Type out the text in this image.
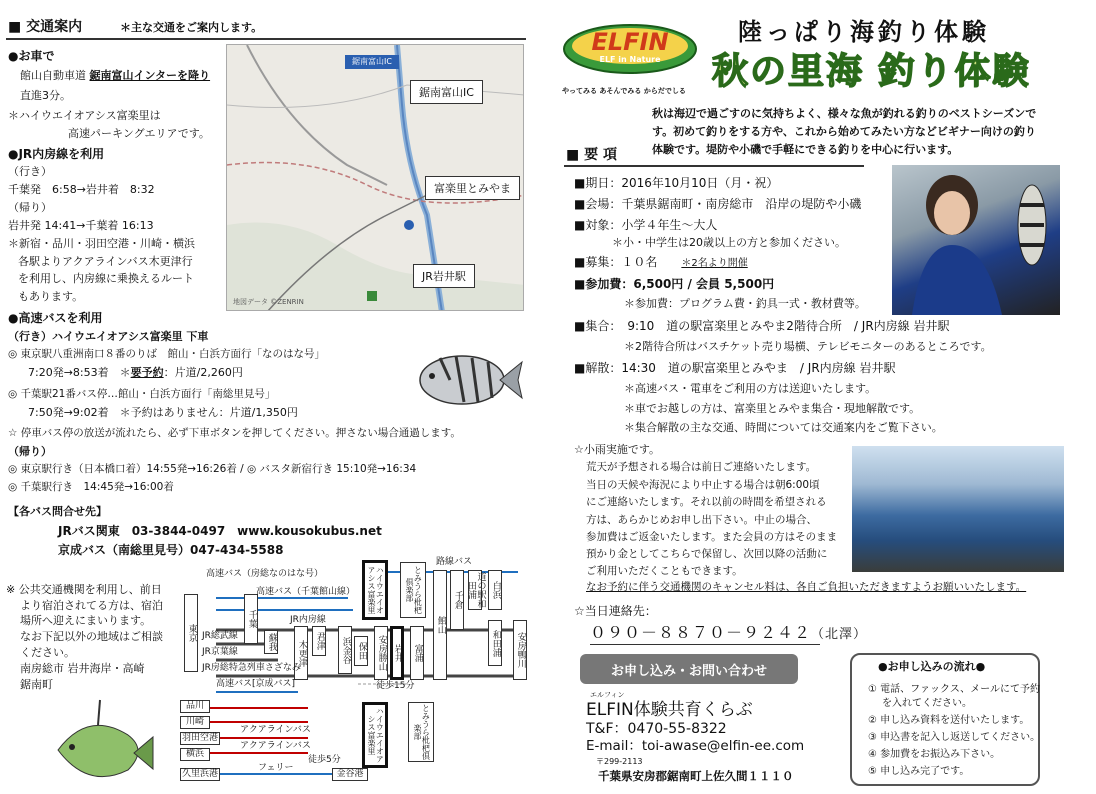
■ 交通案内	＊主な交通をご案内します。
●お車で
館山自動車道 鋸南富山インターを降り
直進3分。
＊ハイウエイオアシス富楽里は
高速パーキングエリアです。
●JR内房線を利用
（行き）
千葉発　6:58→岩井着　8:32
（帰り）
岩井発 14:41→千葉着 16:13
＊新宿・品川・羽田空港・川崎・横浜
各駅よりアクアラインバス木更津行
を利用し、内房線に乗換えるルート
もあります。
鋸南富山IC
地図データ ©ZENRIN
鋸南富山IC
富楽里とみやま
JR岩井駅
●高速バスを利用
（行き）ハイウエイオアシス富楽里 下車
◎ 東京駅八重洲南口８番のりば　館山・白浜方面行「なのはな号」
7:20発→8:53着　＊要予約：片道/2,260円
◎ 千葉駅21番バス停…館山・白浜方面行「南総里見号」
7:50発→9:02着　＊予約はありません：片道/1,350円
☆ 停車バス停の放送が流れたら、必ず下車ボタンを押してください。押さない場合通過します。
（帰り）
◎ 東京駅行き（日本橋口着）14:55発→16:26着 / ◎ バスタ新宿行き 15:10発→16:34
◎ 千葉駅行き　14:45発→16:00着
【各バス問合せ先】
JRバス関東　03-3844-0497　www.kousokubus.net
京成バス（南総里見号）047-434-5588
※ 公共交通機関を利用し、前日
より宿泊されてる方は、宿泊
場所へ迎えにまいります。
なお下記以外の地域はご相談
ください。
南房総市 岩井海岸・高崎
鋸南町
東京
千葉
蘇我	木更津 君津	浜金谷 保田	安房勝山 岩井	富浦
館山
千倉	道の駅和田浦	白浜
和田浦	安房鴨川
ハイウエイオアシス富楽里
ハイウエイオアシス富楽里
とみうら枇杷倶楽部
とみうら枇杷倶楽部
高速バス（房総なのはな号）
高速バス（千葉館山線）
路線バス
JR内房線
JR総武線
JR京葉線
JR房総特急列車さざなみ
高速バス[京成バス]	徒歩15分
アクアラインバス
アクアラインバス
フェリー
徒歩5分
品川
川崎
羽田空港
横浜
久里浜港	金谷港
ELFIN
ELF in Nature
やってみる あそんでみる からだでしる
陸っぱり海釣り体験
秋の里海 釣り体験
秋は海辺で過ごすのに気持ちよく、様々な魚が釣れる釣りのベストシーズンで
す。初めて釣りをする方や、これから始めてみたい方などビギナー向けの釣り
体験です。堤防や小磯で手軽にできる釣りを中心に行います。
■ 要 項
■期日：2016年10月10日（月・祝）
■会場：千葉県鋸南町・南房総市　沿岸の堤防や小磯
■対象：小学４年生～大人
＊小・中学生は20歳以上の方と参加ください。
■募集：１０名　　 ＊2名より開催
■参加費：6,500円 / 会員 5,500円
＊参加費：プログラム費・釣具一式・教材費等。
■集合：　9:10　道の駅富楽里とみやま2階待合所　/ JR内房線 岩井駅
＊2階待合所はバスチケット売り場横、テレビモニターのあるところです。
■解散：14:30　道の駅富楽里とみやま　/ JR内房線 岩井駅
＊高速バス・電車をご利用の方は送迎いたします。
＊車でお越しの方は、富楽里とみやま集合・現地解散です。
＊集合解散の主な交通、時間については交通案内をご覧下さい。
☆小雨実施です。
荒天が予想される場合は前日ご連絡いたします。
当日の天候や海況により中止する場合は朝6:00頃
にご連絡いたします。それ以前の時間を希望される
方は、あらかじめお申し出下さい。中止の場合、
参加費はご返金いたします。また会員の方はそのまま
預かり金としてこちらで保留し、次回以降の活動に
ご利用いただくこともできます。
なお予約に伴う交通機関のキャンセル料は、各自ご負担いただきますようお願いいたします。
☆当日連絡先：
０９０－８８７０－９２４２（北澤）
お申し込み・お問い合わせ
エルフィン
ELFIN体験共育くらぶ
T&F：0470-55-8322
E-mail：toi-awase@elfin-ee.com
〒299-2113
千葉県安房郡鋸南町上佐久間１１１０
●お申し込みの流れ●
① 電話、ファックス、メールにて予約
を入れてください。
② 申し込み資料を送付いたします。
③ 申込書を記入し返送してください。
④ 参加費をお振込み下さい。
⑤ 申し込み完了です。
